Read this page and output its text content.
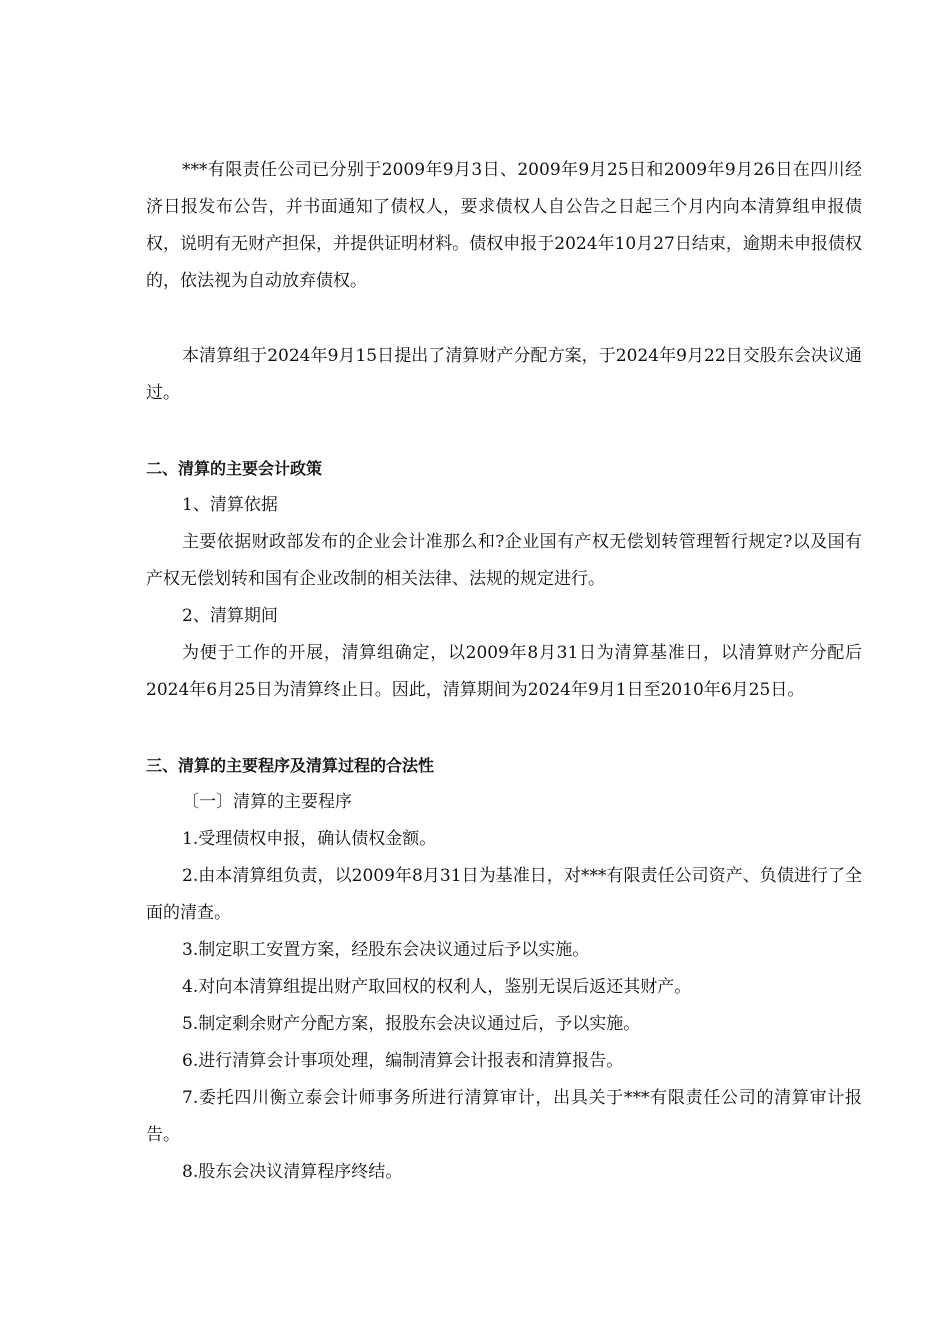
***有限责任公司已分别于2009年9月3日、2009年9月25日和2009年9月26日在四川经济日报发布公告，并书面通知了债权人，要求债权人自公告之日起三个月内向本清算组申报债权，说明有无财产担保，并提供证明材料。债权申报于2024年10月27日结束，逾期未申报债权的，依法视为自动放弃债权。

本清算组于2024年9月15日提出了清算财产分配方案，于2024年9月22日交股东会决议通过。

二、清算的主要会计政策

1、清算依据

主要依据财政部发布的企业会计准那么和?企业国有产权无偿划转管理暂行规定?以及国有产权无偿划转和国有企业改制的相关法律、法规的规定进行。

2、清算期间

为便于工作的开展，清算组确定，以2009年8月31日为清算基准日，以清算财产分配后2024年6月25日为清算终止日。因此，清算期间为2024年9月1日至2010年6月25日。

三、清算的主要程序及清算过程的合法性

〔一〕清算的主要程序

1.受理债权申报，确认债权金额。

2.由本清算组负责，以2009年8月31日为基准日，对***有限责任公司资产、负债进行了全面的清查。

3.制定职工安置方案，经股东会决议通过后予以实施。

4.对向本清算组提出财产取回权的权利人，鉴别无误后返还其财产。

5.制定剩余财产分配方案，报股东会决议通过后，予以实施。

6.进行清算会计事项处理，编制清算会计报表和清算报告。

7.委托四川衡立泰会计师事务所进行清算审计，出具关于***有限责任公司的清算审计报告。

8.股东会决议清算程序终结。
